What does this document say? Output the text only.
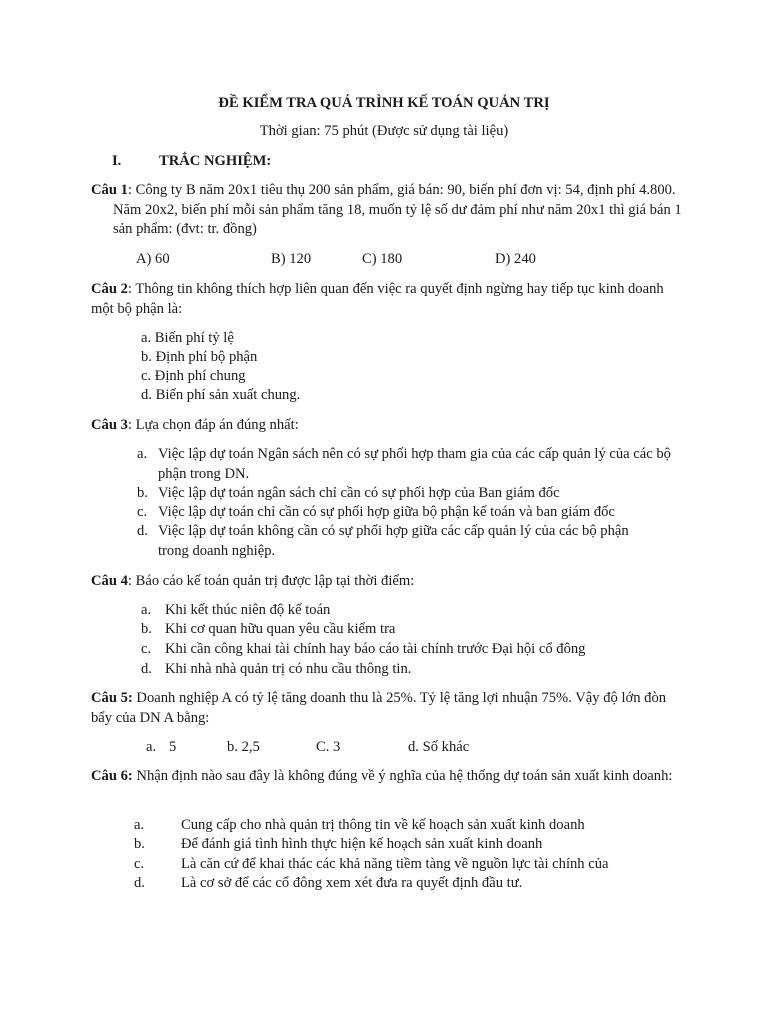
ĐỀ KIỂM TRA QUÁ TRÌNH KẾ TOÁN QUẢN TRỊ
Thời gian: 75 phút (Được sử dụng tài liệu)
I.	TRẮC NGHIỆM:
Câu 1: Công ty B năm 20x1 tiêu thụ 200 sản phẩm, giá bán: 90, biến phí đơn vị: 54, định phí 4.800. Năm 20x2, biến phí mỗi sản phẩm tăng 18, muốn tỷ lệ số dư đảm phí như năm 20x1 thì giá bán 1 sản phẩm: (đvt: tr. đồng)
A) 60	B) 120	C) 180	D) 240
Câu 2: Thông tin không thích hợp liên quan đến việc ra quyết định ngừng hay tiếp tục kinh doanh một bộ phận là:
a. Biến phí tỷ lệ
b. Định phí bộ phận
c. Định phí chung
d. Biến phí sản xuất chung.
Câu 3: Lựa chọn đáp án đúng nhất:
a. Việc lập dự toán Ngân sách nên có sự phối hợp tham gia của các cấp quản lý của các bộ phận trong DN.
b. Việc lập dự toán ngân sách chỉ cần có sự phối hợp của Ban giám đốc
c. Việc lập dự toán chỉ cần có sự phối hợp giữa bộ phận kế toán và ban giám đốc
d. Việc lập dự toán không cần có sự phối hợp giữa các cấp quản lý của các bộ phận trong doanh nghiệp.
Câu 4: Báo cáo kế toán quản trị được lập tại thời điểm:
a. Khi kết thúc niên độ kế toán
b. Khi cơ quan hữu quan yêu cầu kiểm tra
c. Khi cần công khai tài chính hay báo cáo tài chính trước Đại hội cổ đông
d. Khi nhà nhà quản trị có nhu cầu thông tin.
Câu 5: Doanh nghiệp A có tỷ lệ tăng doanh thu là 25%. Tỷ lệ tăng lợi nhuận 75%. Vậy độ lớn đòn bẩy của DN A bằng:
a. 5	b. 2,5	C. 3	d. Số khác
Câu 6: Nhận định nào sau đây là không đúng về ý nghĩa của hệ thống dự toán sản xuất kinh doanh:
a.	Cung cấp cho nhà quản trị thông tin về kế hoạch sản xuất kinh doanh
b. Để đánh giá tình hình thực hiện kế hoạch sản xuất kinh doanh
c.	Là căn cứ để khai thác các khả năng tiềm tàng về nguồn lực tài chính của
d. Là cơ sở để các cổ đông xem xét đưa ra quyết định đầu tư.
